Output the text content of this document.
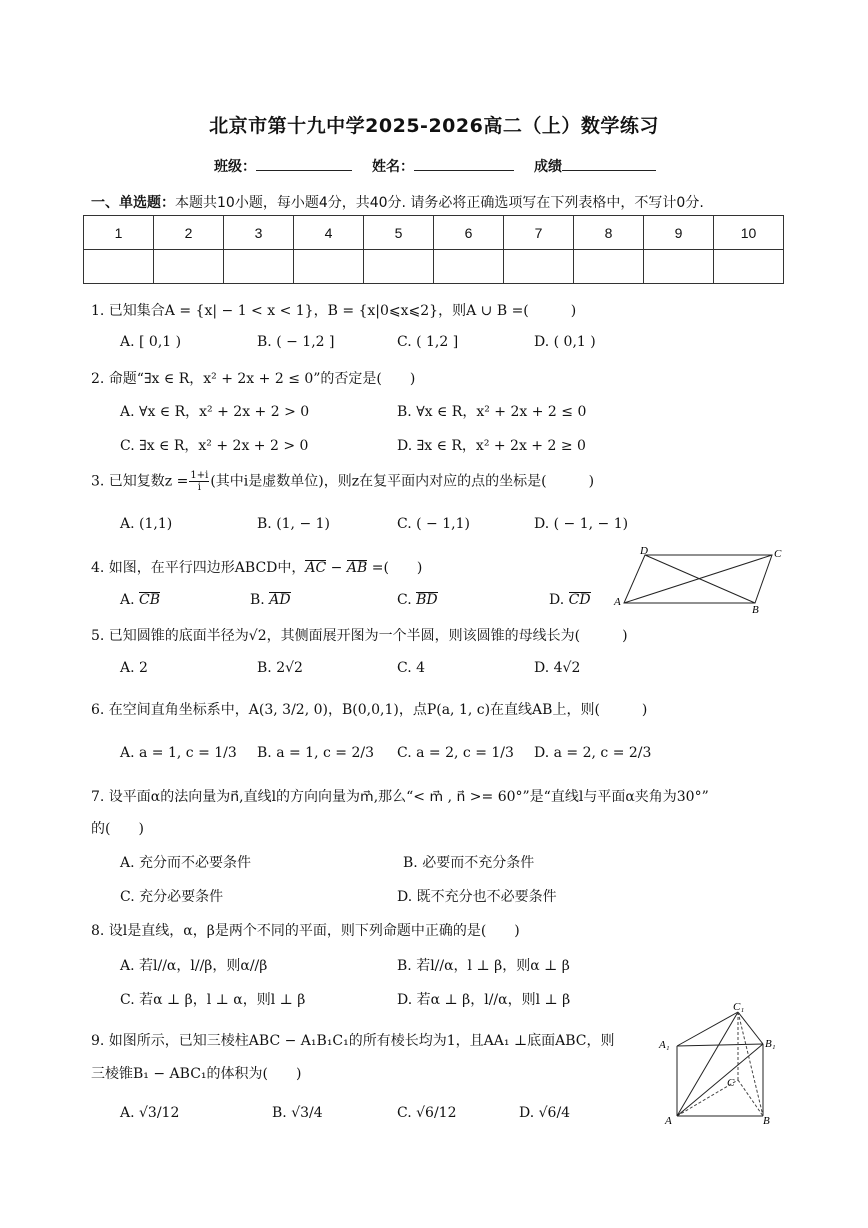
北京市第十九中学2025-2026高二（上）数学练习
班级：	姓名：	成绩
一、单选题：本题共10小题，每小题4分，共40分. 请务必将正确选项写在下列表格中，不写计0分.
1	2	3	4	5	6	7	8	9	10

1. 已知集合A = {x| − 1 < x < 1}，B = {x|0⩽x⩽2}，则A ∪ B =(　　　)
A. [ 0,1 )	B. ( − 1,2 ]	C. ( 1,2 ]	D. ( 0,1 )
2. 命题“∃x ∈ R，x² + 2x + 2 ≤ 0”的否定是(　　)
A. ∀x ∈ R，x² + 2x + 2 > 0	B. ∀x ∈ R，x² + 2x + 2 ≤ 0
C. ∃x ∈ R，x² + 2x + 2 > 0	D. ∃x ∈ R，x² + 2x + 2 ≥ 0
3. 已知复数$z = \frac{1+i}{i}$ (其中i是虚数单位)，则z在复平面内对应的点的坐标是(　　　)
A. (1,1)	B. (1, − 1)	C. ( − 1,1)	D. ( − 1, − 1)
4. 如图，在平行四边形ABCD中，AC − AB =(　　)
A. CB	B. AD	C. BD	D. CD
D	C
A
B
5. 已知圆锥的底面半径为√2，其侧面展开图为一个半圆，则该圆锥的母线长为(　　　)
A. 2	B. 2√2	C. 4	D. 4√2
6. 在空间直角坐标系中，A(3, 3/2, 0)，B(0,0,1)，点P(a, 1, c)在直线AB上，则(　　　)
A. a = 1, c = 1/3 B. a = 1, c = 2/3 C. a = 2, c = 1/3 D. a = 2, c = 2/3
7. 设平面α的法向量为n⃗,直线l的方向向量为m⃗,那么“< m⃗ , n⃗ >= 60°”是“直线l与平面α夹角为30°”
的(　　)
A. 充分而不必要条件	B. 必要而不充分条件
C. 充分必要条件	D. 既不充分也不必要条件
8. 设l是直线，α，β是两个不同的平面，则下列命题中正确的是(　　)
A. 若l//α，l//β，则α//β	B. 若l//α，l ⊥ β，则α ⊥ β
C. 若α ⊥ β，l ⊥ α，则l ⊥ β	D. 若α ⊥ β，l//α，则l ⊥ β
9. 如图所示，已知三棱柱ABC − A₁B₁C₁的所有棱长均为1，且AA₁ ⊥底面ABC，则
三棱锥B₁ − ABC₁的体积为(　　)
A. √3/12	B. √3/4	C. √6/12	D. √6/4
C₁
A₁	B₁
C
A	B
